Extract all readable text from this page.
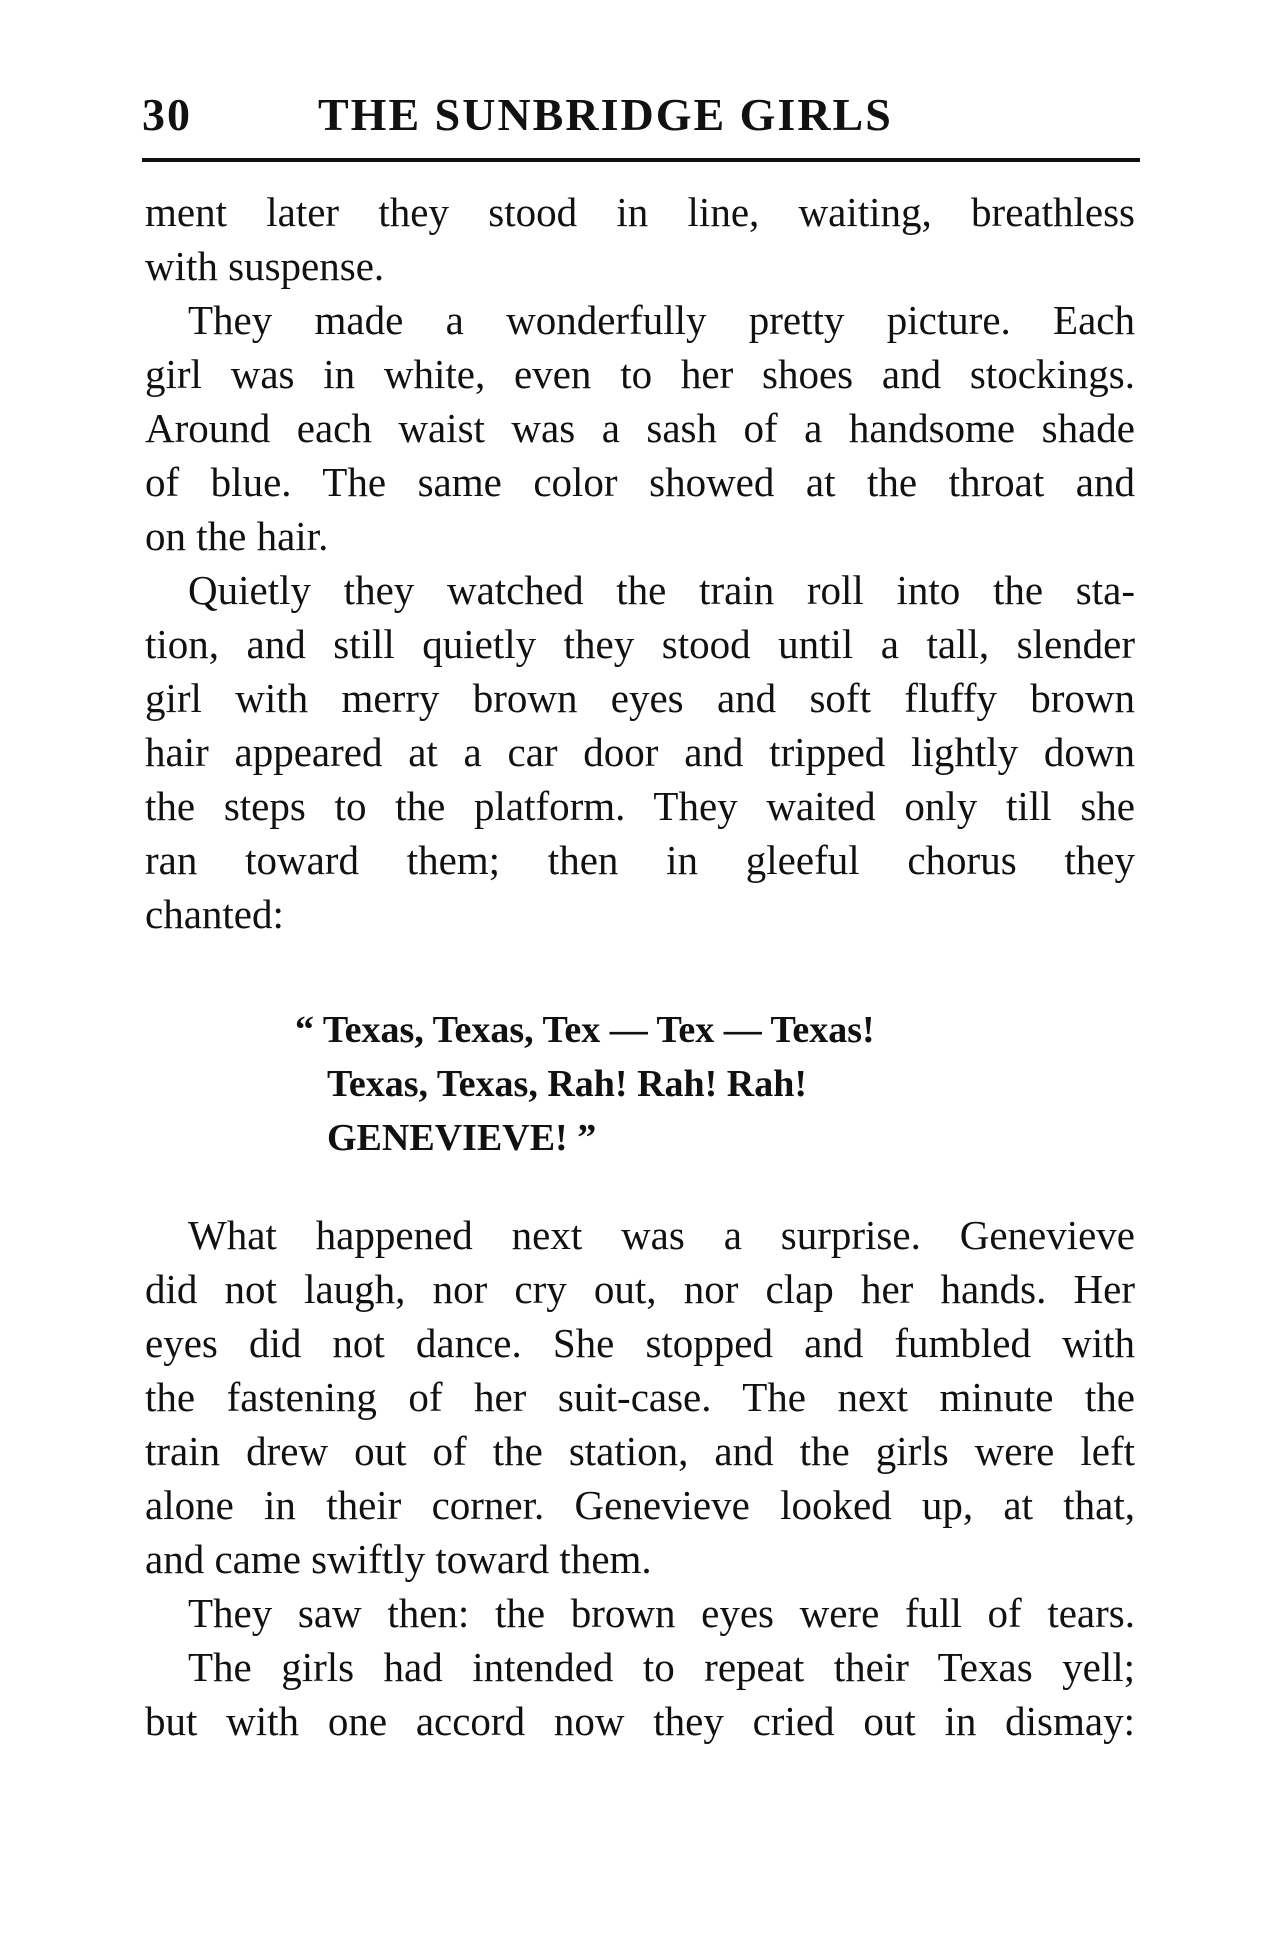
30	THE SUNBRIDGE GIRLS
ment later they stood in line, waiting, breathless
with suspense.
They made a wonderfully pretty picture. Each
girl was in white, even to her shoes and stockings.
Around each waist was a sash of a handsome shade
of blue. The same color showed at the throat and
on the hair.
Quietly they watched the train roll into the sta-
tion, and still quietly they stood until a tall, slender
girl with merry brown eyes and soft fluffy brown
hair appeared at a car door and tripped lightly down
the steps to the platform. They waited only till she
ran toward them; then in gleeful chorus they
chanted:
“ Texas, Texas, Tex — Tex — Texas!
Texas, Texas, Rah! Rah! Rah!
GENEVIEVE! ”
What happened next was a surprise. Genevieve
did not laugh, nor cry out, nor clap her hands. Her
eyes did not dance. She stopped and fumbled with
the fastening of her suit-case. The next minute the
train drew out of the station, and the girls were left
alone in their corner. Genevieve looked up, at that,
and came swiftly toward them.
They saw then: the brown eyes were full of tears.
The girls had intended to repeat their Texas yell;
but with one accord now they cried out in dismay:
